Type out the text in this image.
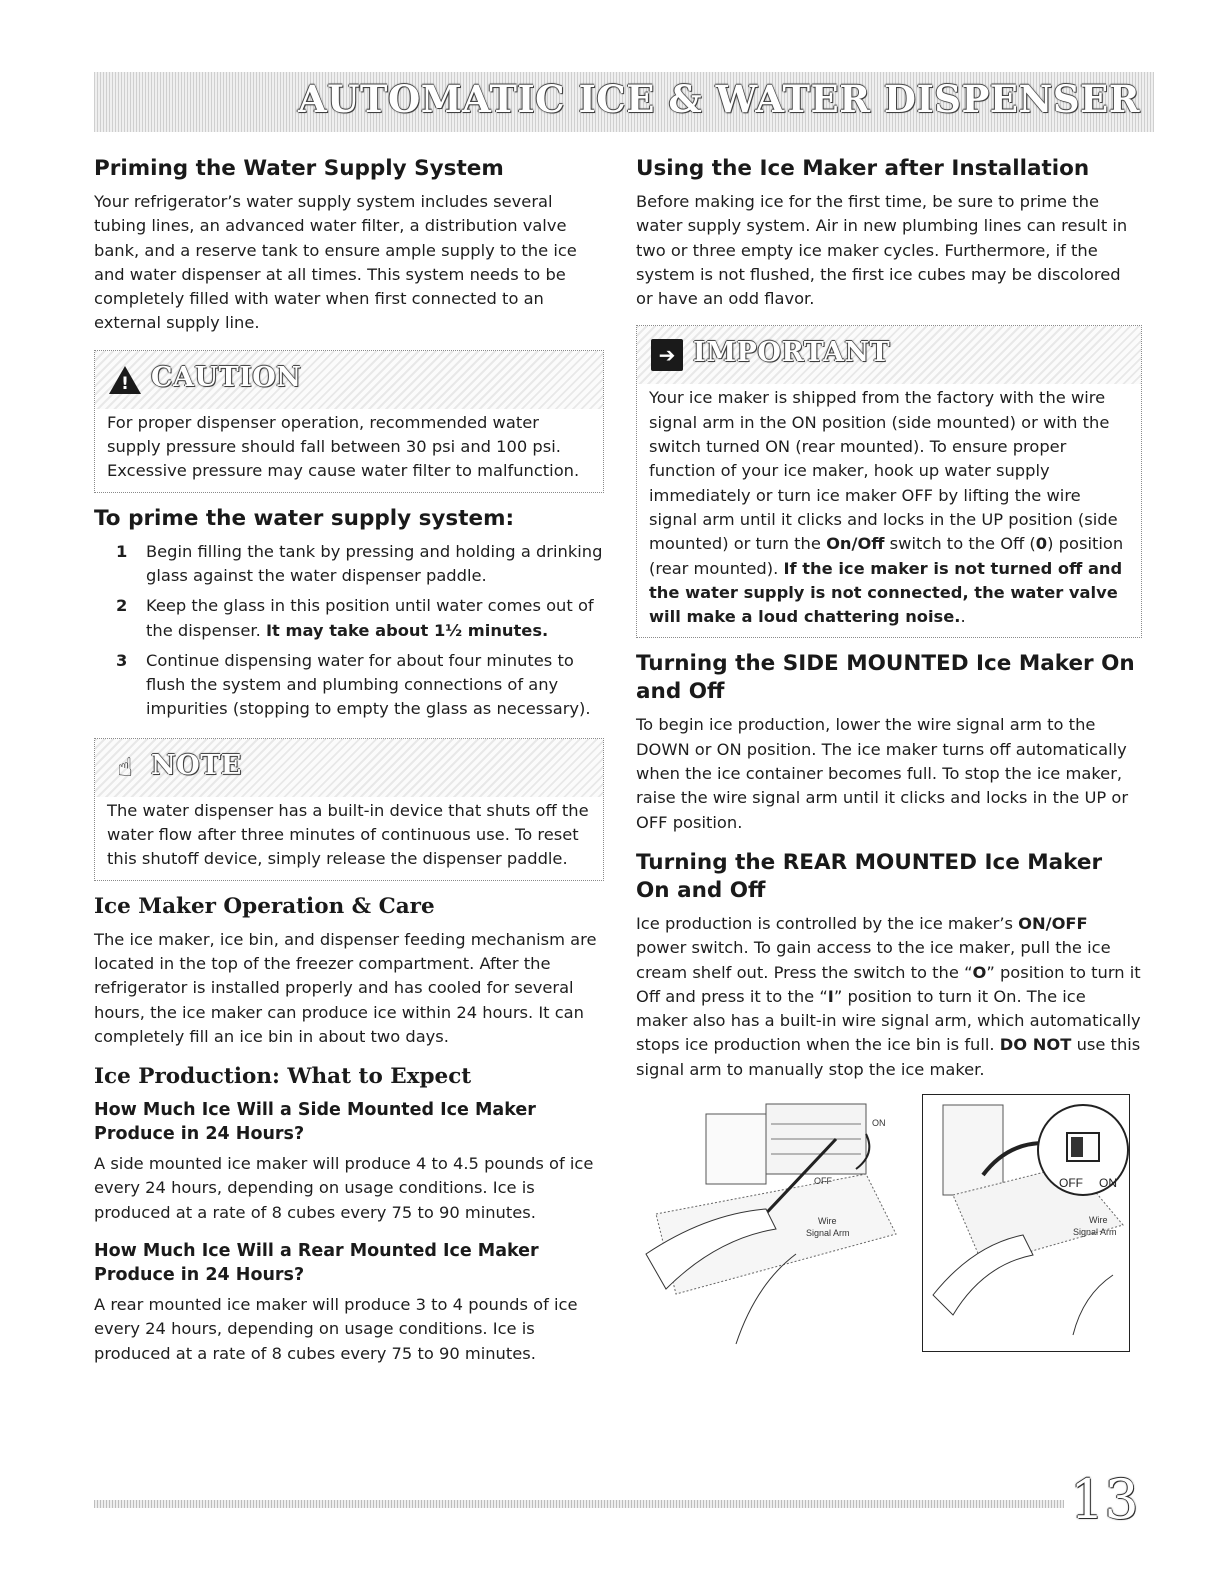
AUTOMATIC ICE & WATER DISPENSER
Priming the Water Supply System

Your refrigerator’s water supply system includes several tubing lines, an advanced water filter, a distribution valve bank, and a reserve tank to ensure ample supply to the ice and water dispenser at all times. This system needs to be completely filled with water when first connected to an external supply line.

! CAUTION

For proper dispenser operation, recommended water supply pressure should fall between 30 psi and 100 psi. Excessive pressure may cause water filter to malfunction.

To prime the water supply system:
1 Begin filling the tank by pressing and holding a drinking glass against the water dispenser paddle.

2 Keep the glass in this position until water comes out of the dispenser. It may take about 1½ minutes.

3 Continue dispensing water for about four minutes to flush the system and plumbing connections of any impurities (stopping to empty the glass as necessary).

☝ NOTE

The water dispenser has a built-in device that shuts off the water flow after three minutes of continuous use. To reset this shutoff device, simply release the dispenser paddle.

Ice Maker Operation & Care

The ice maker, ice bin, and dispenser feeding mechanism are located in the top of the freezer compartment. After the refrigerator is installed properly and has cooled for several hours, the ice maker can produce ice within 24 hours. It can completely fill an ice bin in about two days.

Ice Production: What to Expect
How Much Ice Will a Side Mounted Ice Maker Produce in 24 Hours?

A side mounted ice maker will produce 4 to 4.5 pounds of ice every 24 hours, depending on usage conditions. Ice is produced at a rate of 8 cubes every 75 to 90 minutes.

How Much Ice Will a Rear Mounted Ice Maker Produce in 24 Hours?

A rear mounted ice maker will produce 3 to 4 pounds of ice every 24 hours, depending on usage conditions. Ice is produced at a rate of 8 cubes every 75 to 90 minutes.

Using the Ice Maker after Installation

Before making ice for the first time, be sure to prime the water supply system. Air in new plumbing lines can result in two or three empty ice maker cycles. Furthermore, if the system is not flushed, the first ice cubes may be discolored or have an odd flavor.

➔ IMPORTANT

Your ice maker is shipped from the factory with the wire signal arm in the ON position (side mounted) or with the switch turned ON (rear mounted). To ensure proper function of your ice maker, hook up water supply immediately or turn ice maker OFF by lifting the wire signal arm until it clicks and locks in the UP position (side mounted) or turn the On/Off switch to the Off (0) position (rear mounted). If the ice maker is not turned off and the water supply is not connected, the water valve will make a loud chattering noise..

Turning the SIDE MOUNTED Ice Maker On and Off

To begin ice production, lower the wire signal arm to the DOWN or ON position. The ice maker turns off automatically when the ice container becomes full. To stop the ice maker, raise the wire signal arm until it clicks and locks in the UP or OFF position.

Turning the REAR MOUNTED Ice Maker On and Off

Ice production is controlled by the ice maker’s ON/OFF power switch. To gain access to the ice maker, pull the ice cream shelf out. Press the switch to the “O” position to turn it Off and press it to the “I” position to turn it On. The ice maker also has a built-in wire signal arm, which automatically stops ice production when the ice bin is full. DO NOT use this signal arm to manually stop the ice maker.

ON
OFF
Wire
Signal Arm
OFF ON
Wire
Signal Arm
13
